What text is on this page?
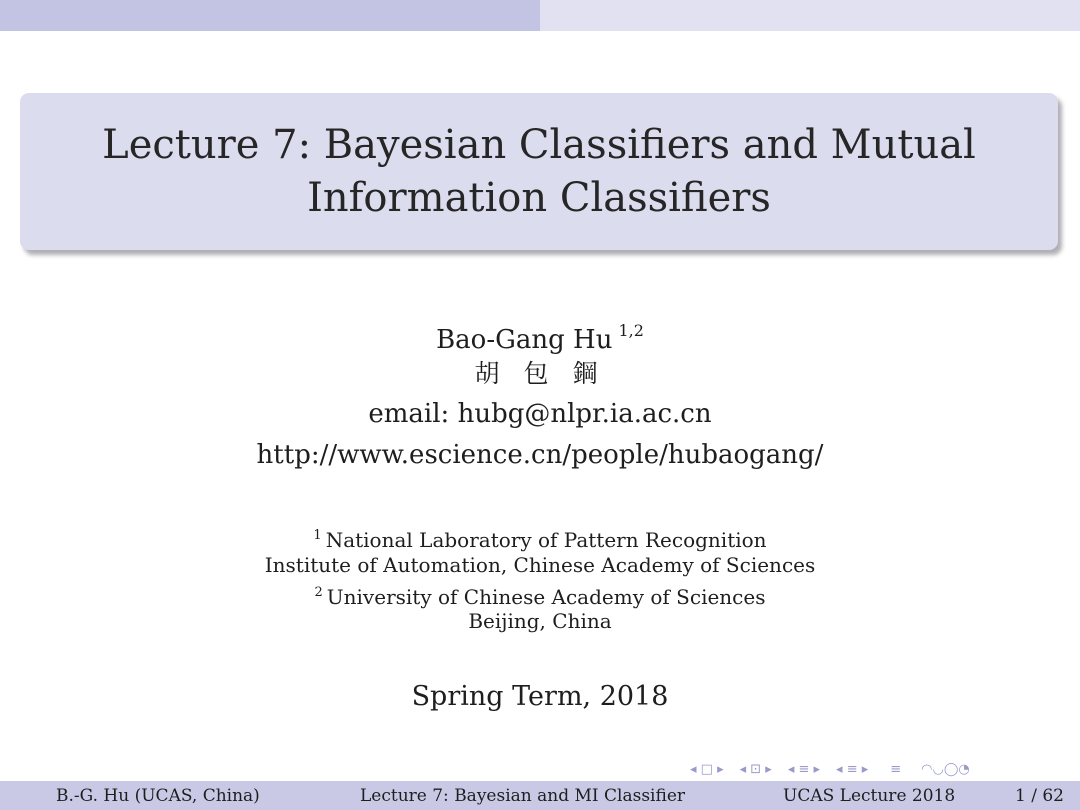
Lecture 7: Bayesian Classifiers and Mutual
Information Classifiers
Bao-Gang Hu $^{1,2}$
胡 包 鋼
email: hubg@nlpr.ia.ac.cn
http://www.escience.cn/people/hubaogang/
$^1$ National Laboratory of Pattern Recognition
Institute of Automation, Chinese Academy of Sciences
$^2$ University of Chinese Academy of Sciences
Beijing, China
Spring Term, 2018
◂ □ ▸ ◂ ⊡ ▸ ◂ ≡ ▸ ◂ ≡ ▸ ≡ ◠◡◯◔
B.-G. Hu (UCAS, China)	Lecture 7: Bayesian and MI Classifier	UCAS Lecture 2018	1 / 62
